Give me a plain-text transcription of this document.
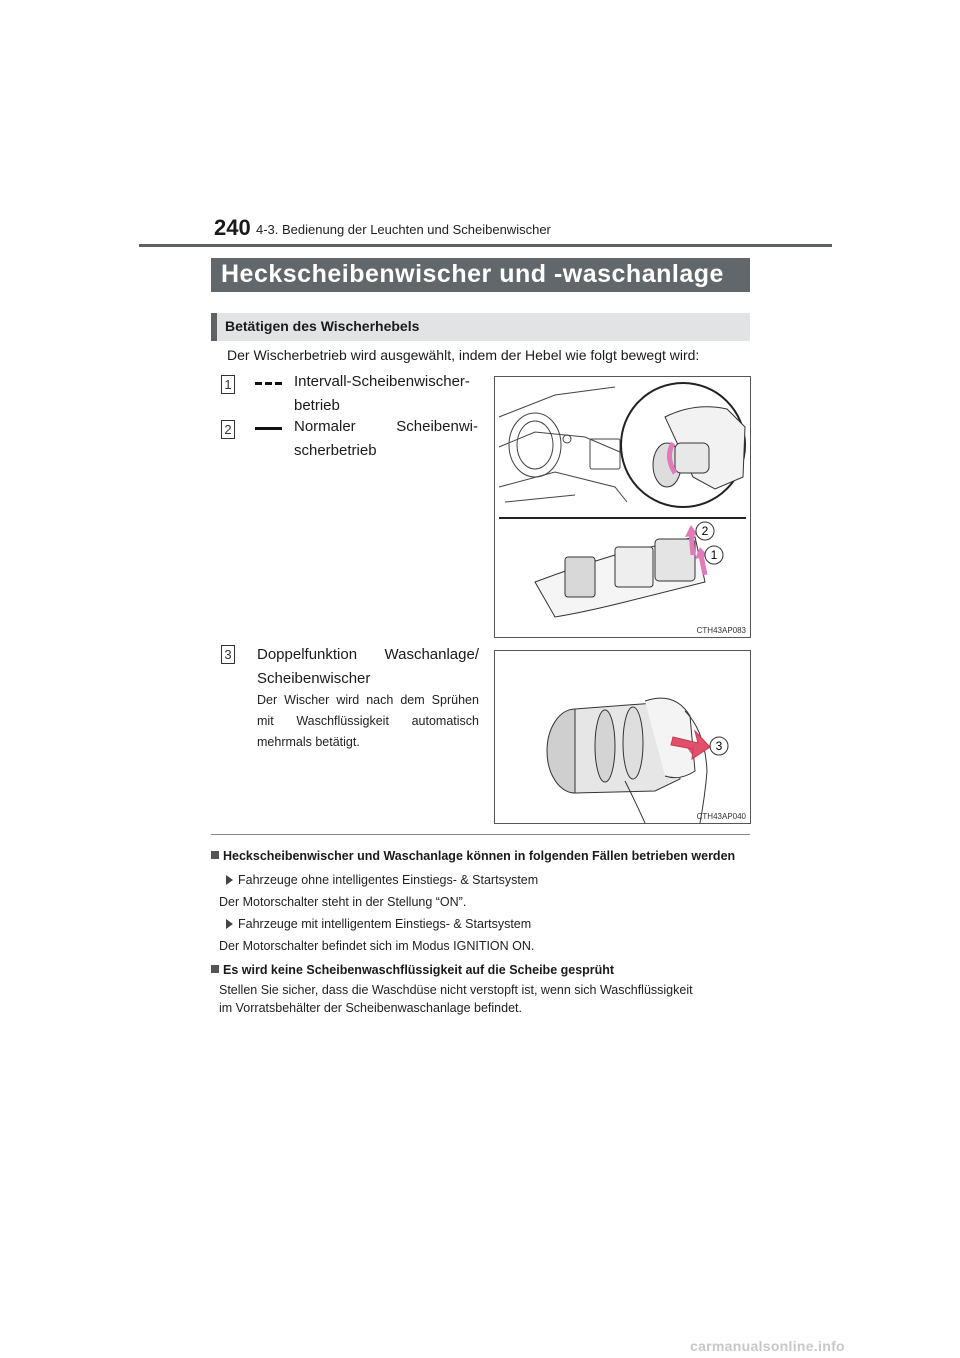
240 4-3. Bedienung der Leuchten und Scheibenwischer
Heckscheibenwischer und -waschanlage
Betätigen des Wischerhebels
Der Wischerbetrieb wird ausgewählt, indem der Hebel wie folgt bewegt wird:
1	Intervall-Scheibenwischer-
betrieb
2	Normaler	Scheibenwi-
scherbetrieb
2
1
CTH43AP083
3 Doppelfunktion Waschanlage/
Scheibenwischer
Der Wischer wird nach dem Sprühen
mit Waschflüssigkeit automatisch
mehrmals betätigt.	3
CTH43AP040
Heckscheibenwischer und Waschanlage können in folgenden Fällen betrieben werden
Fahrzeuge ohne intelligentes Einstiegs- & Startsystem
Der Motorschalter steht in der Stellung “ON”.
Fahrzeuge mit intelligentem Einstiegs- & Startsystem
Der Motorschalter befindet sich im Modus IGNITION ON.
Es wird keine Scheibenwaschflüssigkeit auf die Scheibe gesprüht
Stellen Sie sicher, dass die Waschdüse nicht verstopft ist, wenn sich Waschflüssigkeit
im Vorratsbehälter der Scheibenwaschanlage befindet.
carmanualsonline.info
